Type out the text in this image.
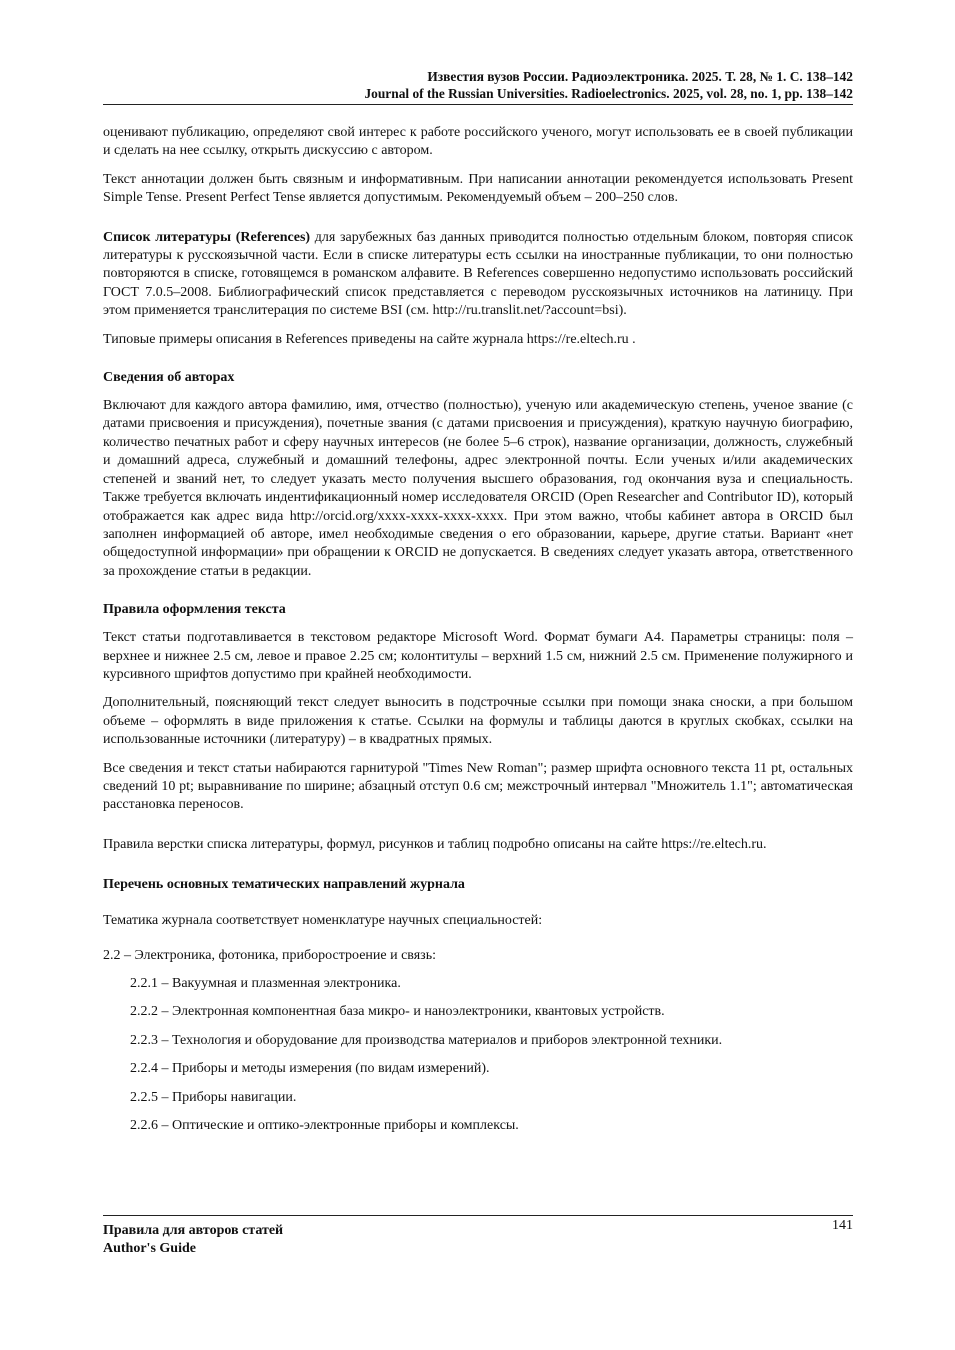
Известия вузов России. Радиоэлектроника. 2025. Т. 28, № 1. С. 138–142
Journal of the Russian Universities. Radioelectronics. 2025, vol. 28, no. 1, pp. 138–142

оценивают публикацию, определяют свой интерес к работе российского ученого, могут использовать ее в своей публикации и сделать на нее ссылку, открыть дискуссию с автором.

Текст аннотации должен быть связным и информативным. При написании аннотации рекомендуется использовать Present Simple Tense. Present Perfect Tense является допустимым. Рекомендуемый объем – 200–250 слов.

Список литературы (References) для зарубежных баз данных приводится полностью отдельным блоком, повторяя список литературы к русскоязычной части. Если в списке литературы есть ссылки на иностранные публикации, то они полностью повторяются в списке, готовящемся в романском алфавите. В References совершенно недопустимо использовать российский ГОСТ 7.0.5–2008. Библиографический список представляется с переводом русскоязычных источников на латиницу. При этом применяется транслитерация по системе BSI (см. http://ru.translit.net/?account=bsi).

Типовые примеры описания в References приведены на сайте журнала https://re.eltech.ru .

Сведения об авторах

Включают для каждого автора фамилию, имя, отчество (полностью), ученую или академическую степень, ученое звание (с датами присвоения и присуждения), почетные звания (с датами присвоения и присуждения), краткую научную биографию, количество печатных работ и сферу научных интересов (не более 5–6 строк), название организации, должность, служебный и домашний адреса, служебный и домашний телефоны, адрес электронной почты. Если ученых и/или академических степеней и званий нет, то следует указать место получения высшего образования, год окончания вуза и специальность. Также требуется включать индентификационный номер исследователя ORCID (Open Researcher and Contributor ID), который отображается как адрес вида http://orcid.org/xxxx-xxxx-xxxx-xxxx. При этом важно, чтобы кабинет автора в ORCID был заполнен информацией об авторе, имел необходимые сведения о его образовании, карьере, другие статьи. Вариант «нет общедоступной информации» при обращении к ORCID не допускается. В сведениях следует указать автора, ответственного за прохождение статьи в редакции.

Правила оформления текста

Текст статьи подготавливается в текстовом редакторе Microsoft Word. Формат бумаги А4. Параметры страницы: поля – верхнее и нижнее 2.5 см, левое и правое 2.25 см; колонтитулы – верхний 1.5 см, нижний 2.5 см. Применение полужирного и курсивного шрифтов допустимо при крайней необходимости.

Дополнительный, поясняющий текст следует выносить в подстрочные ссылки при помощи знака сноски, а при большом объеме – оформлять в виде приложения к статье. Ссылки на формулы и таблицы даются в круглых скобках, ссылки на использованные источники (литературу) – в квадратных прямых.

Все сведения и текст статьи набираются гарнитурой "Times New Roman"; размер шрифта основного текста 11 pt, остальных сведений 10 pt; выравнивание по ширине; абзацный отступ 0.6 см; межстрочный интервал "Множитель 1.1"; автоматическая расстановка переносов.

Правила верстки списка литературы, формул, рисунков и таблиц подробно описаны на сайте https://re.eltech.ru.

Перечень основных тематических направлений журнала

Тематика журнала соответствует номенклатуре научных специальностей:

2.2 – Электроника, фотоника, приборостроение и связь:

2.2.1 – Вакуумная и плазменная электроника.

2.2.2 – Электронная компонентная база микро- и наноэлектроники, квантовых устройств.

2.2.3 – Технология и оборудование для производства материалов и приборов электронной техники.

2.2.4 – Приборы и методы измерения (по видам измерений).

2.2.5 – Приборы навигации.

2.2.6 – Оптические и оптико-электронные приборы и комплексы.

Правила для авторов статей
Author's Guide
141
